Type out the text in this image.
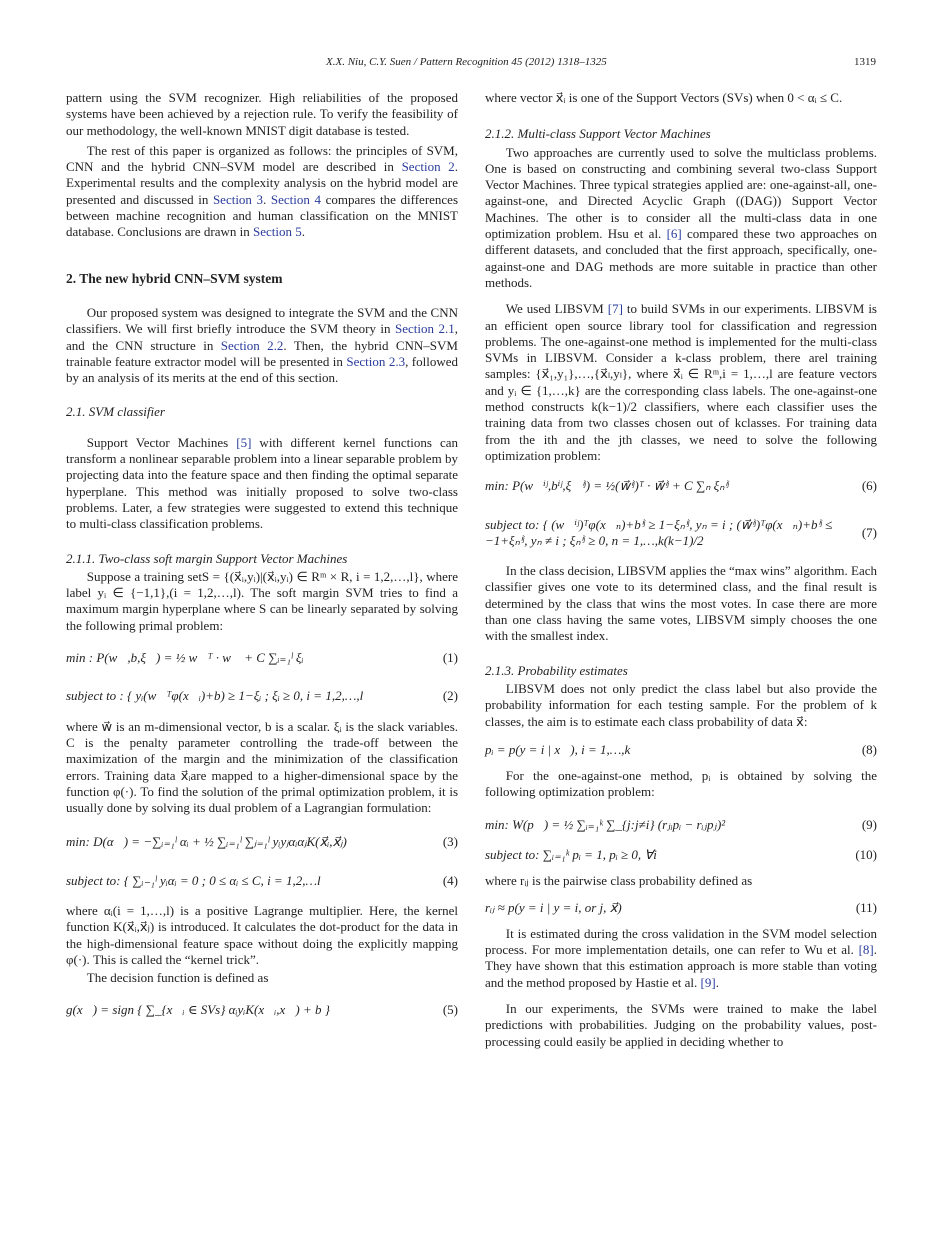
X.X. Niu, C.Y. Suen / Pattern Recognition 45 (2012) 1318–1325	1319
pattern using the SVM recognizer. High reliabilities of the proposed systems have been achieved by a rejection rule. To verify the feasibility of our methodology, the well-known MNIST digit database is tested.
The rest of this paper is organized as follows: the principles of SVM, CNN and the hybrid CNN–SVM model are described in Section 2. Experimental results and the complexity analysis on the hybrid model are presented and discussed in Section 3. Section 4 compares the differences between machine recognition and human classification on the MNIST database. Conclusions are drawn in Section 5.
2. The new hybrid CNN–SVM system
Our proposed system was designed to integrate the SVM and the CNN classifiers. We will first briefly introduce the SVM theory in Section 2.1, and the CNN structure in Section 2.2. Then, the hybrid CNN–SVM trainable feature extractor model will be presented in Section 2.3, followed by an analysis of its merits at the end of this section.
2.1. SVM classifier
Support Vector Machines [5] with different kernel functions can transform a nonlinear separable problem into a linear separable problem by projecting data into the feature space and then finding the optimal separate hyperplane. This method was initially proposed to solve two-class problems. Later, a few strategies were suggested to extend this technique to multi-class classification problems.
2.1.1. Two-class soft margin Support Vector Machines
Suppose a training setS = {(x⃗ᵢ,yᵢ)|(x⃗ᵢ,yᵢ) ∈ Rᵐ × R, i = 1,2,…,l}, where label yᵢ ∈ {−1,1},(i = 1,2,…,l). The soft margin SVM tries to find a maximum margin hyperplane where S can be linearly separated by solving the following primal problem:
min : P(w⃗,b,ξ⃗) = ½ w⃗ᵀ · w⃗ + C ∑ᵢ₌₁ˡ ξᵢ	(1)
subject to : { yᵢ(w⃗ᵀφ(x⃗ᵢ)+b) ≥ 1−ξᵢ ; ξᵢ ≥ 0, i = 1,2,…,l	(2)
where w⃗ is an m-dimensional vector, b is a scalar. ξᵢ is the slack variables. C is the penalty parameter controlling the trade-off between the maximization of the margin and the minimization of the classification errors. Training data x⃗ᵢare mapped to a higher-dimensional space by the function φ(·). To find the solution of the primal optimization problem, it is usually done by solving its dual problem of a Lagrangian formulation:
min: D(α⃗) = −∑ᵢ₌₁ˡ αᵢ + ½ ∑ᵢ₌₁ˡ ∑ⱼ₌₁ˡ yᵢyⱼαᵢαⱼK(x⃗ᵢ,x⃗ⱼ)	(3)
subject to: { ∑ᵢ₋₁ˡ yᵢαᵢ = 0 ; 0 ≤ αᵢ ≤ C, i = 1,2,…l	(4)
where αᵢ(i = 1,…,l) is a positive Lagrange multiplier. Here, the kernel function K(x⃗ᵢ,x⃗ⱼ) is introduced. It calculates the dot-product for the data in the high-dimensional feature space without doing the explicitly mapping φ(·). This is called the “kernel trick”.
The decision function is defined as
g(x⃗) = sign { ∑_{x⃗ᵢ ∈ SVs} αᵢyᵢK(x⃗ᵢ,x⃗) + b }	(5)
where vector x⃗ᵢ is one of the Support Vectors (SVs) when 0 < αᵢ ≤ C.
2.1.2. Multi-class Support Vector Machines
Two approaches are currently used to solve the multiclass problems. One is based on constructing and combining several two-class Support Vector Machines. Three typical strategies applied are: one-against-all, one-against-one, and Directed Acyclic Graph ((DAG)) Support Vector Machines. The other is to consider all the multi-class data in one optimization problem. Hsu et al. [6] compared these two approaches on different datasets, and concluded that the first approach, specifically, one-against-one and DAG methods are more suitable in practice than other methods.
We used LIBSVM [7] to build SVMs in our experiments. LIBSVM is an efficient open source library tool for classification and regression problems. The one-against-one method is implemented for the multi-class SVMs in LIBSVM. Consider a k-class problem, there arel training samples: {x⃗₁,y₁},…,{x⃗ₗ,yₗ}, where x⃗ᵢ ∈ Rᵐ,i = 1,…,l are feature vectors and yᵢ ∈ {1,…,k} are the corresponding class labels. The one-against-one method constructs k(k−1)/2 classifiers, where each classifier uses the training data from two classes chosen out of kclasses. For training data from the ith and the jth classes, we need to solve the following optimization problem:
min: P(w⃗ⁱʲ,bⁱʲ,ξ⃗ⁱʲ) = ½(w⃗ⁱʲ)ᵀ · w⃗ⁱʲ + C ∑ₙ ξₙⁱʲ	(6)
subject to: { (w⃗ⁱʲ)ᵀφ(x⃗ₙ)+bⁱʲ ≥ 1−ξₙⁱʲ, yₙ = i ; (w⃗ⁱʲ)ᵀφ(x⃗ₙ)+bⁱʲ ≤ −1+ξₙⁱʲ, yₙ ≠ i ; ξₙⁱʲ ≥ 0, n = 1,…,k(k−1)/2
(7)
In the class decision, LIBSVM applies the “max wins” algorithm. Each classifier gives one vote to its determined class, and the final result is determined by the class that wins the most votes. In case there are more than one class having the same votes, LIBSVM simply chooses the one with the smallest index.
2.1.3. Probability estimates
LIBSVM does not only predict the class label but also provide the probability information for each testing sample. For the problem of k classes, the aim is to estimate each class probability of data x⃗:
pᵢ = p(y = i | x⃗), i = 1,…,k	(8)
For the one-against-one method, pᵢ is obtained by solving the following optimization problem:
min: W(p⃗) = ½ ∑ᵢ₌₁ᵏ ∑_{j:j≠i} (rⱼᵢpᵢ − rᵢⱼpⱼ)²	(9)
subject to: ∑ᵢ₌₁ᵏ pᵢ = 1, pᵢ ≥ 0, ∀i	(10)
where rᵢⱼ is the pairwise class probability defined as
rᵢⱼ ≈ p(y = i | y = i, or j, x⃗)	(11)
It is estimated during the cross validation in the SVM model selection process. For more implementation details, one can refer to Wu et al. [8]. They have shown that this estimation approach is more stable than voting and the method proposed by Hastie et al. [9].
In our experiments, the SVMs were trained to make the label predictions with probabilities. Judging on the probability values, post-processing could easily be applied in deciding whether to
